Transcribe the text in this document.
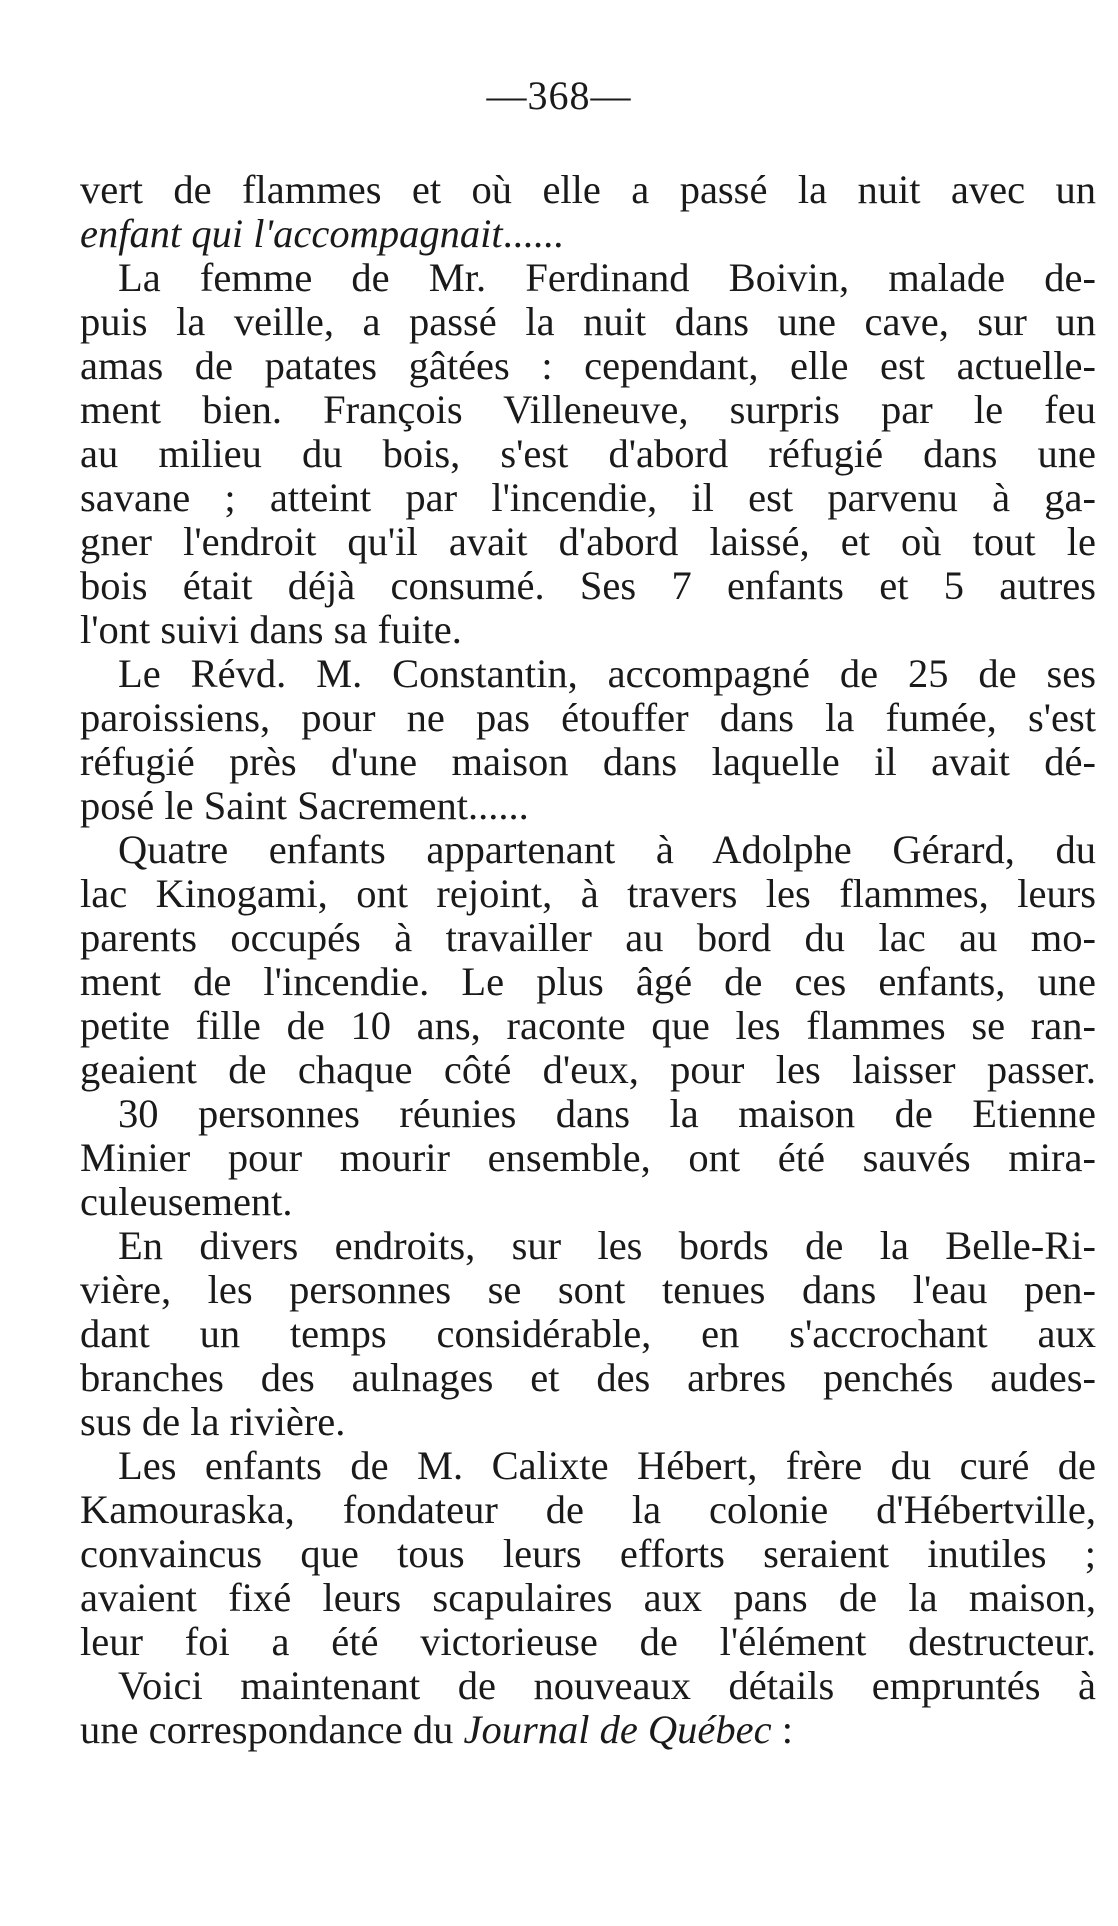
—368—
vert de flammes et où elle a passé la nuit avec un
enfant qui l'accompagnait......
La femme de Mr. Ferdinand Boivin, malade de-
puis la veille, a passé la nuit dans une cave, sur un
amas de patates gâtées : cependant, elle est actuelle-
ment bien. François Villeneuve, surpris par le feu
au milieu du bois, s'est d'abord réfugié dans une
savane ; atteint par l'incendie, il est parvenu à ga-
gner l'endroit qu'il avait d'abord laissé, et où tout le
bois était déjà consumé. Ses 7 enfants et 5 autres
l'ont suivi dans sa fuite.
Le Révd. M. Constantin, accompagné de 25 de ses
paroissiens, pour ne pas étouffer dans la fumée, s'est
réfugié près d'une maison dans laquelle il avait dé-
posé le Saint Sacrement......
Quatre enfants appartenant à Adolphe Gérard, du
lac Kinogami, ont rejoint, à travers les flammes, leurs
parents occupés à travailler au bord du lac au mo-
ment de l'incendie. Le plus âgé de ces enfants, une
petite fille de 10 ans, raconte que les flammes se ran-
geaient de chaque côté d'eux, pour les laisser passer.
30 personnes réunies dans la maison de Etienne
Minier pour mourir ensemble, ont été sauvés mira-
culeusement.
En divers endroits, sur les bords de la Belle-Ri-
vière, les personnes se sont tenues dans l'eau pen-
dant un temps considérable, en s'accrochant aux
branches des aulnages et des arbres penchés audes-
sus de la rivière.
Les enfants de M. Calixte Hébert, frère du curé de
Kamouraska, fondateur de la colonie d'Hébertville,
convaincus que tous leurs efforts seraient inutiles ;
avaient fixé leurs scapulaires aux pans de la maison,
leur foi a été victorieuse de l'élément destructeur.
Voici maintenant de nouveaux détails empruntés à
une correspondance du Journal de Québec :
